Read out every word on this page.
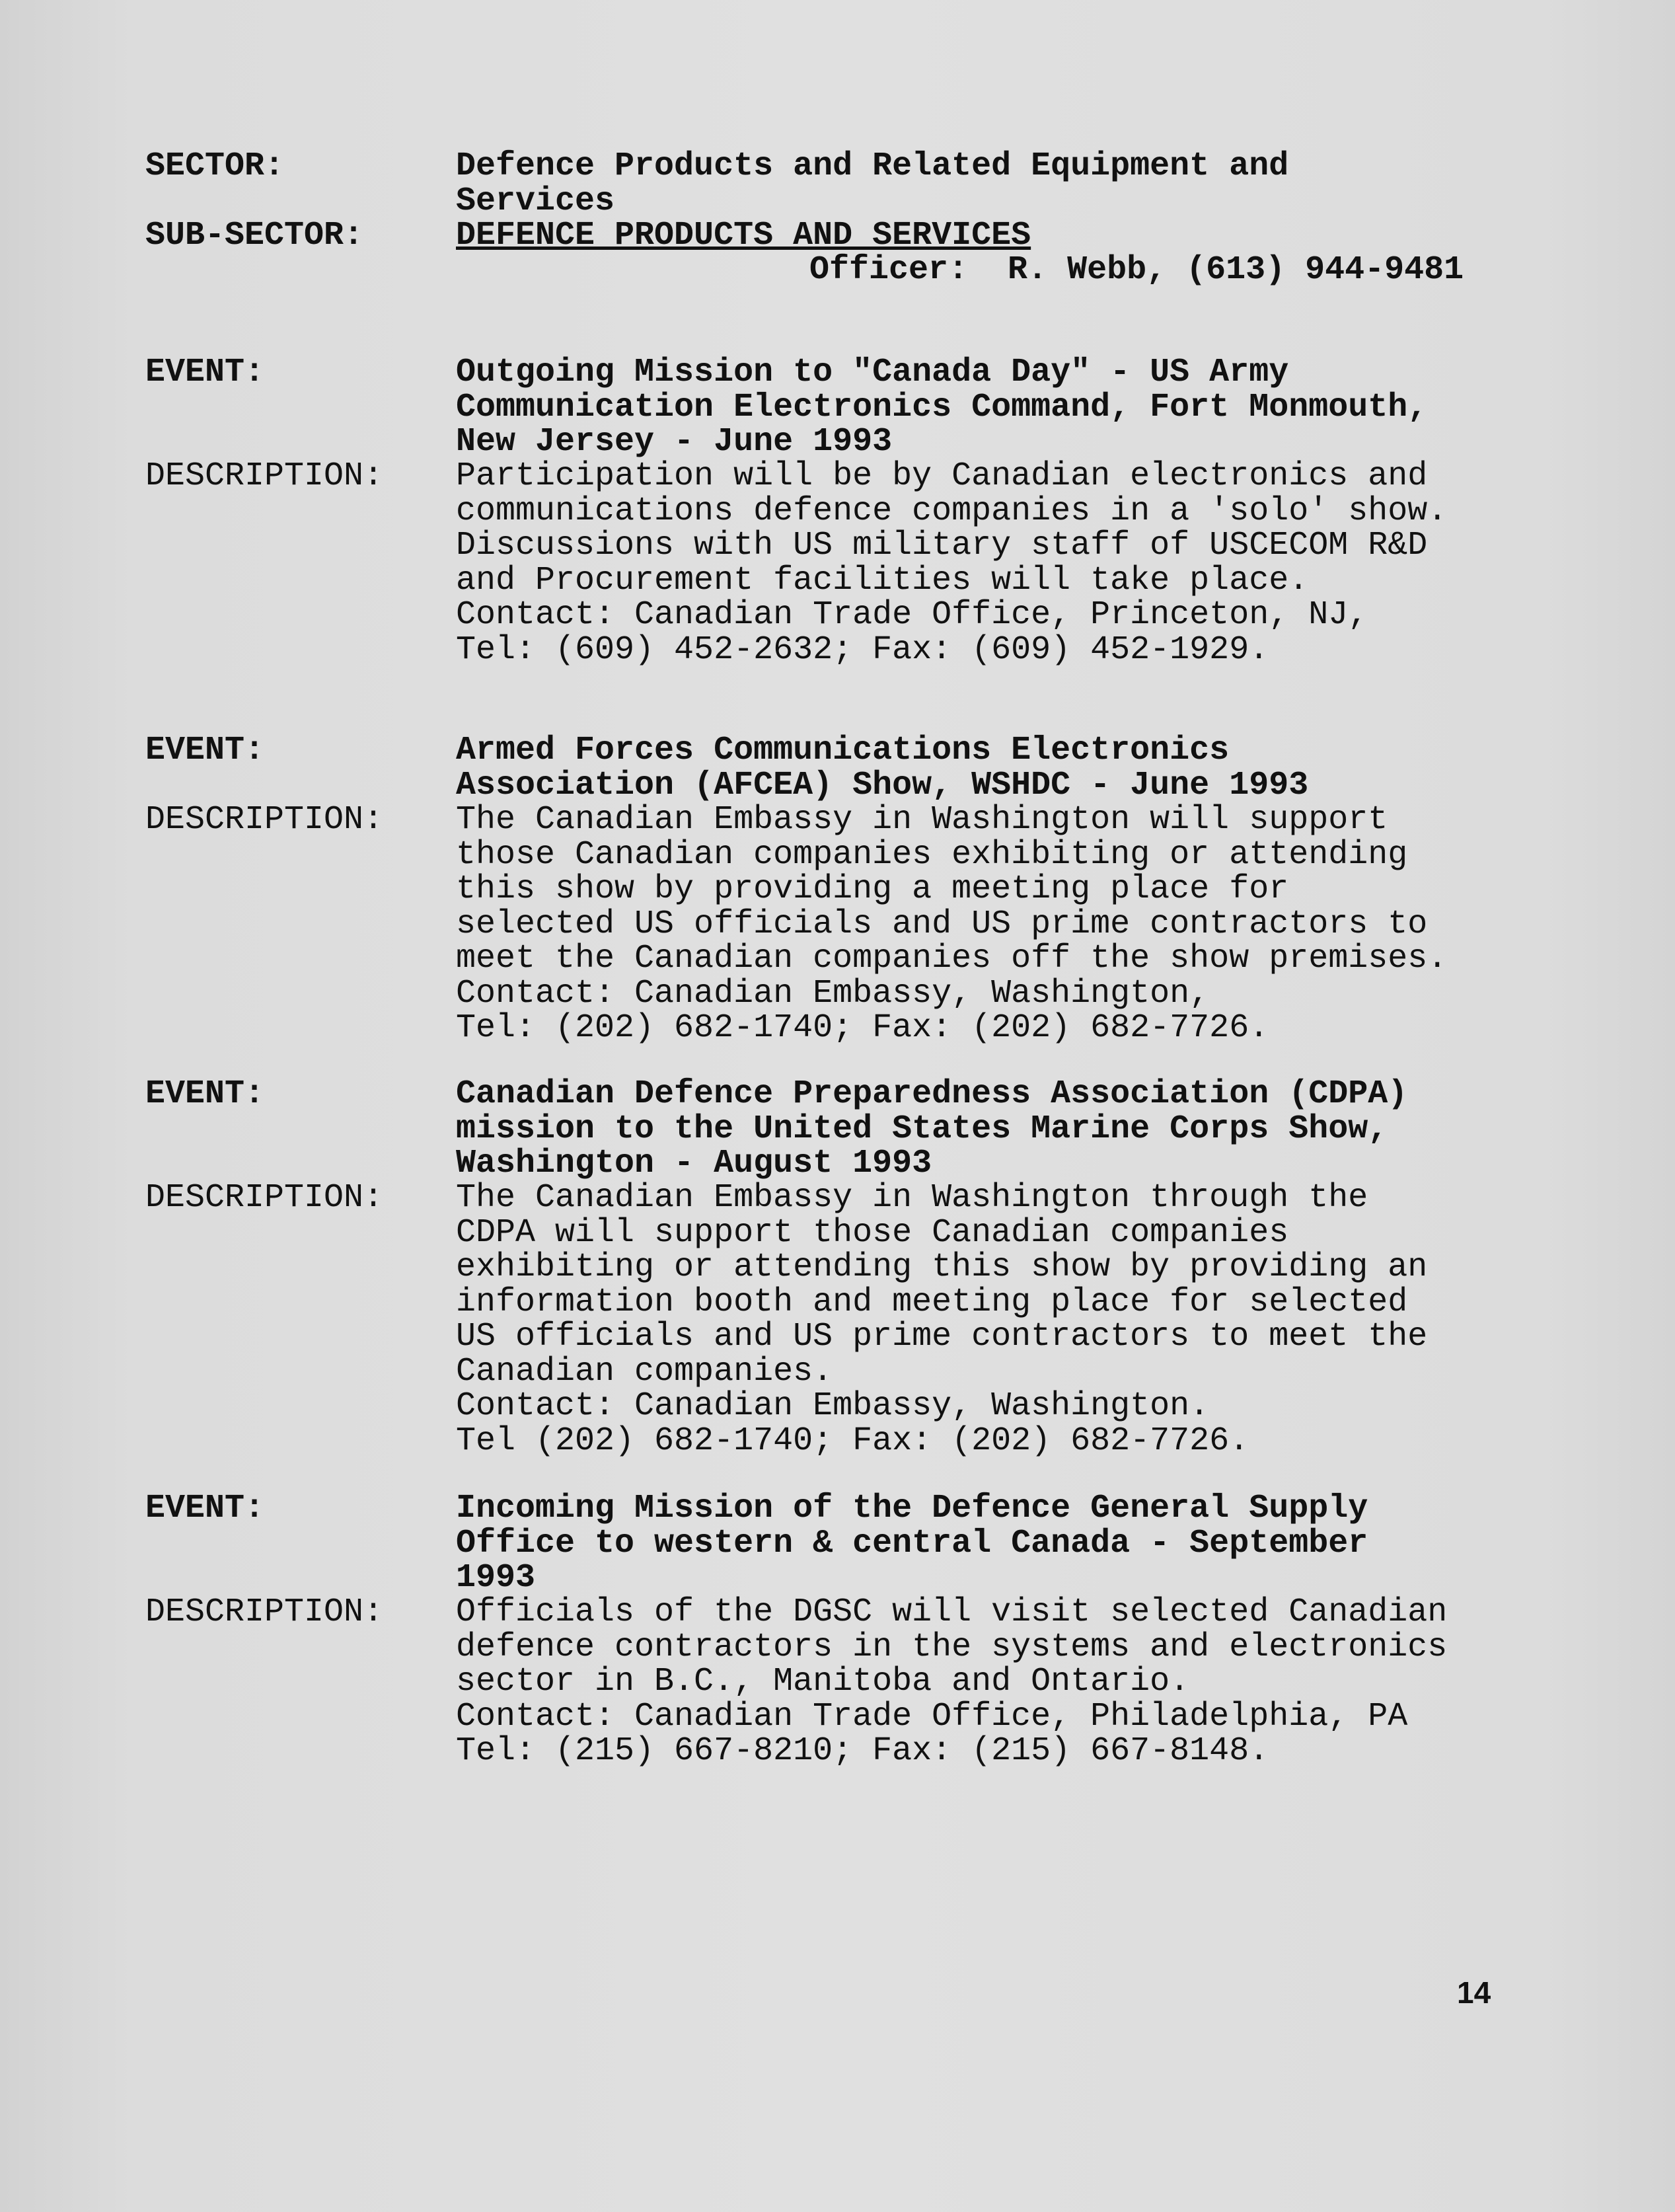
SECTOR:	Defence Products and Related Equipment and
Services
SUB-SECTOR:	DEFENCE PRODUCTS AND SERVICES
Officer:  R. Webb, (613) 944-9481
EVENT:	Outgoing Mission to "Canada Day" - US Army
Communication Electronics Command, Fort Monmouth,
New Jersey - June 1993
DESCRIPTION: Participation will be by Canadian electronics and
communications defence companies in a 'solo' show.
Discussions with US military staff of USCECOM R&D
and Procurement facilities will take place.
Contact: Canadian Trade Office, Princeton, NJ,
Tel: (609) 452-2632; Fax: (609) 452-1929.
EVENT:	Armed Forces Communications Electronics
Association (AFCEA) Show, WSHDC - June 1993
DESCRIPTION: The Canadian Embassy in Washington will support
those Canadian companies exhibiting or attending
this show by providing a meeting place for
selected US officials and US prime contractors to
meet the Canadian companies off the show premises.
Contact: Canadian Embassy, Washington,
Tel: (202) 682-1740; Fax: (202) 682-7726.
EVENT:	Canadian Defence Preparedness Association (CDPA)
mission to the United States Marine Corps Show,
Washington - August 1993
DESCRIPTION: The Canadian Embassy in Washington through the
CDPA will support those Canadian companies
exhibiting or attending this show by providing an
information booth and meeting place for selected
US officials and US prime contractors to meet the
Canadian companies.
Contact: Canadian Embassy, Washington.
Tel (202) 682-1740; Fax: (202) 682-7726.
EVENT:	Incoming Mission of the Defence General Supply
Office to western & central Canada - September
1993
DESCRIPTION: Officials of the DGSC will visit selected Canadian
defence contractors in the systems and electronics
sector in B.C., Manitoba and Ontario.
Contact: Canadian Trade Office, Philadelphia, PA
Tel: (215) 667-8210; Fax: (215) 667-8148.
14
